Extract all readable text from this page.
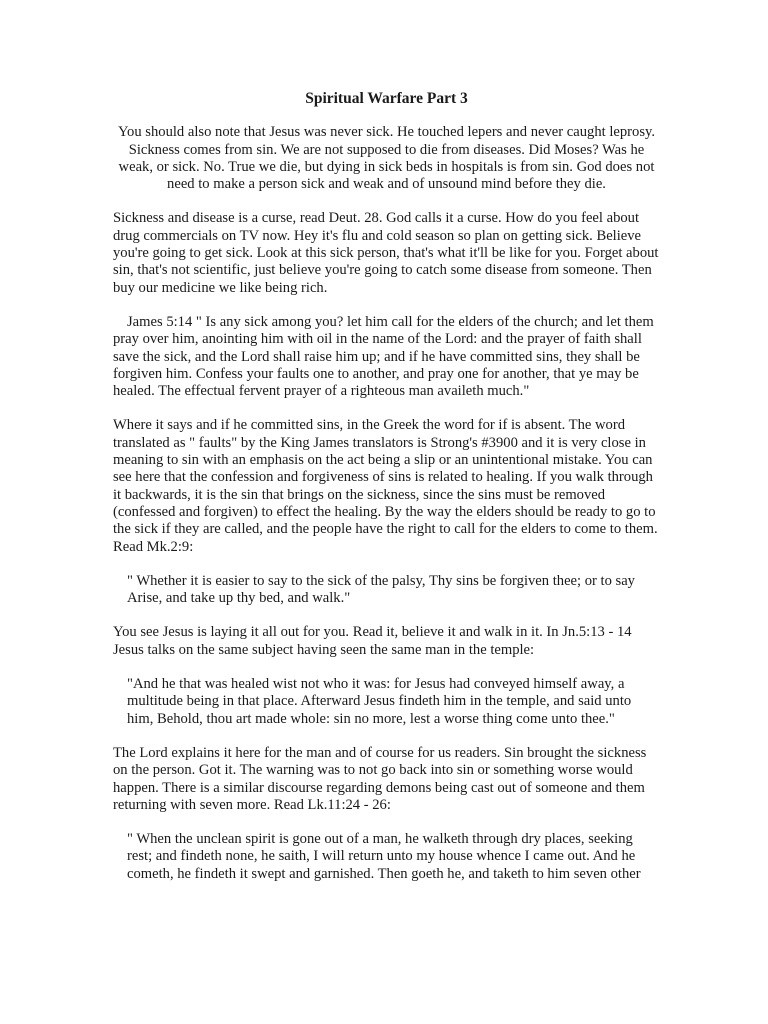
Spiritual Warfare Part 3
You should also note that Jesus was never sick. He touched lepers and never caught leprosy. Sickness comes from sin. We are not supposed to die from diseases. Did Moses? Was he weak, or sick. No. True we die, but dying in sick beds in hospitals is from sin. God does not need to make a person sick and weak and of unsound mind before they die.
Sickness and disease is a curse, read Deut. 28. God calls it a curse. How do you feel about drug commercials on TV now. Hey it's flu and cold season so plan on getting sick. Believe you're going to get sick. Look at this sick person, that's what it'll be like for you. Forget about sin, that's not scientific, just believe you're going to catch some disease from someone. Then buy our medicine we like being rich.
James 5:14 " Is any sick among you? let him call for the elders of the church; and let them pray over him, anointing him with oil in the name of the Lord: and the prayer of faith shall save the sick, and the Lord shall raise him up; and if he have committed sins, they shall be forgiven him. Confess your faults one to another, and pray one for another, that ye may be healed. The effectual fervent prayer of a righteous man availeth much."
Where it says and if he committed sins, in the Greek the word for if is absent. The word translated as " faults" by the King James translators is Strong's #3900 and it is very close in meaning to sin with an emphasis on the act being a slip or an unintentional mistake. You can see here that the confession and forgiveness of sins is related to healing. If you walk through it backwards, it is the sin that brings on the sickness, since the sins must be removed (confessed and forgiven) to effect the healing. By the way the elders should be ready to go to the sick if they are called, and the people have the right to call for the elders to come to them. Read Mk.2:9:
" Whether it is easier to say to the sick of the palsy, Thy sins be forgiven thee; or to say Arise, and take up thy bed, and walk."
You see Jesus is laying it all out for you. Read it, believe it and walk in it. In Jn.5:13 - 14 Jesus talks on the same subject having seen the same man in the temple:
"And he that was healed wist not who it was: for Jesus had conveyed himself away, a multitude being in that place. Afterward Jesus findeth him in the temple, and said unto him, Behold, thou art made whole: sin no more, lest a worse thing come unto thee."
The Lord explains it here for the man and of course for us readers. Sin brought the sickness on the person. Got it. The warning was to not go back into sin or something worse would happen. There is a similar discourse regarding demons being cast out of someone and them returning with seven more. Read Lk.11:24 - 26:
" When the unclean spirit is gone out of a man, he walketh through dry places, seeking rest; and findeth none, he saith, I will return unto my house whence I came out. And he cometh, he findeth it swept and garnished. Then goeth he, and taketh to him seven other
